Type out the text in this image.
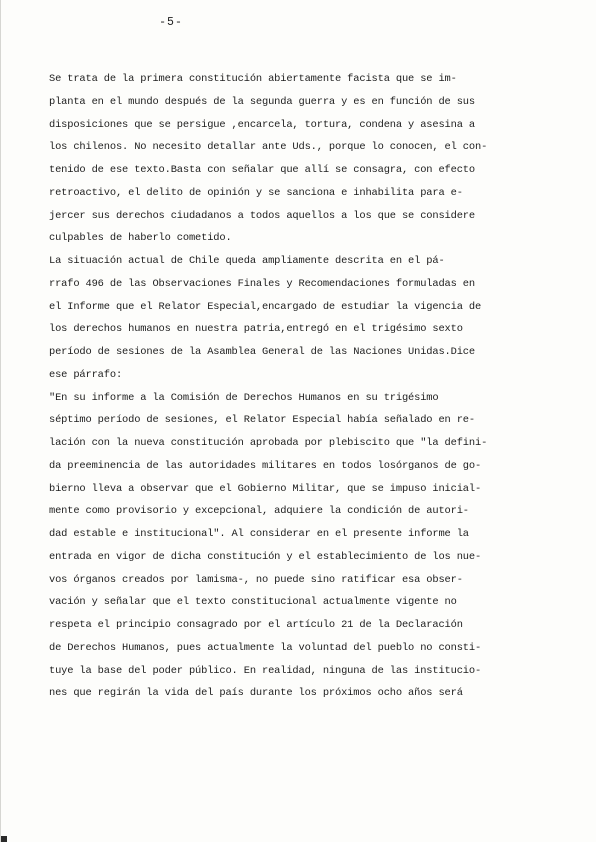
-5-
Se trata de la primera constitución abiertamente facista que se im-
planta en el mundo después de la segunda guerra y es en función de sus
disposiciones que se persigue ,encarcela, tortura, condena y asesina a
los chilenos. No necesito detallar ante Uds., porque lo conocen, el con-
tenido de ese texto.Basta con señalar que allí se consagra, con efecto
retroactivo, el delito de opinión y se sanciona e inhabilita para e-
jercer sus derechos ciudadanos a todos aquellos a los que se considere
culpables de haberlo cometido.
La situación actual de Chile queda ampliamente descrita en el pá-
rrafo 496 de las Observaciones Finales y Recomendaciones formuladas en
el Informe que el Relator Especial,encargado de estudiar la vigencia de
los derechos humanos en nuestra patria,entregó en el trigésimo sexto
período de sesiones de la Asamblea General de las Naciones Unidas.Dice
ese párrafo:
"En su informe a la Comisión de Derechos Humanos en su trigésimo
séptimo período de sesiones, el Relator Especial había señalado en re-
lación con la nueva constitución aprobada por plebiscito que "la defini-
da preeminencia de las autoridades militares en todos losórganos de go-
bierno lleva a observar que el Gobierno Militar, que se impuso inicial-
mente como provisorio y excepcional, adquiere la condición de autori-
dad estable e institucional". Al considerar en el presente informe la
entrada en vigor de dicha constitución y el establecimiento de los nue-
vos órganos creados por lamisma-, no puede sino ratificar esa obser-
vación y señalar que el texto constitucional actualmente vigente no
respeta el principio consagrado por el artículo 21 de la Declaración
de Derechos Humanos, pues actualmente la voluntad del pueblo no consti-
tuye la base del poder público. En realidad, ninguna de las institucio-
nes que regirán la vida del país durante los próximos ocho años será
